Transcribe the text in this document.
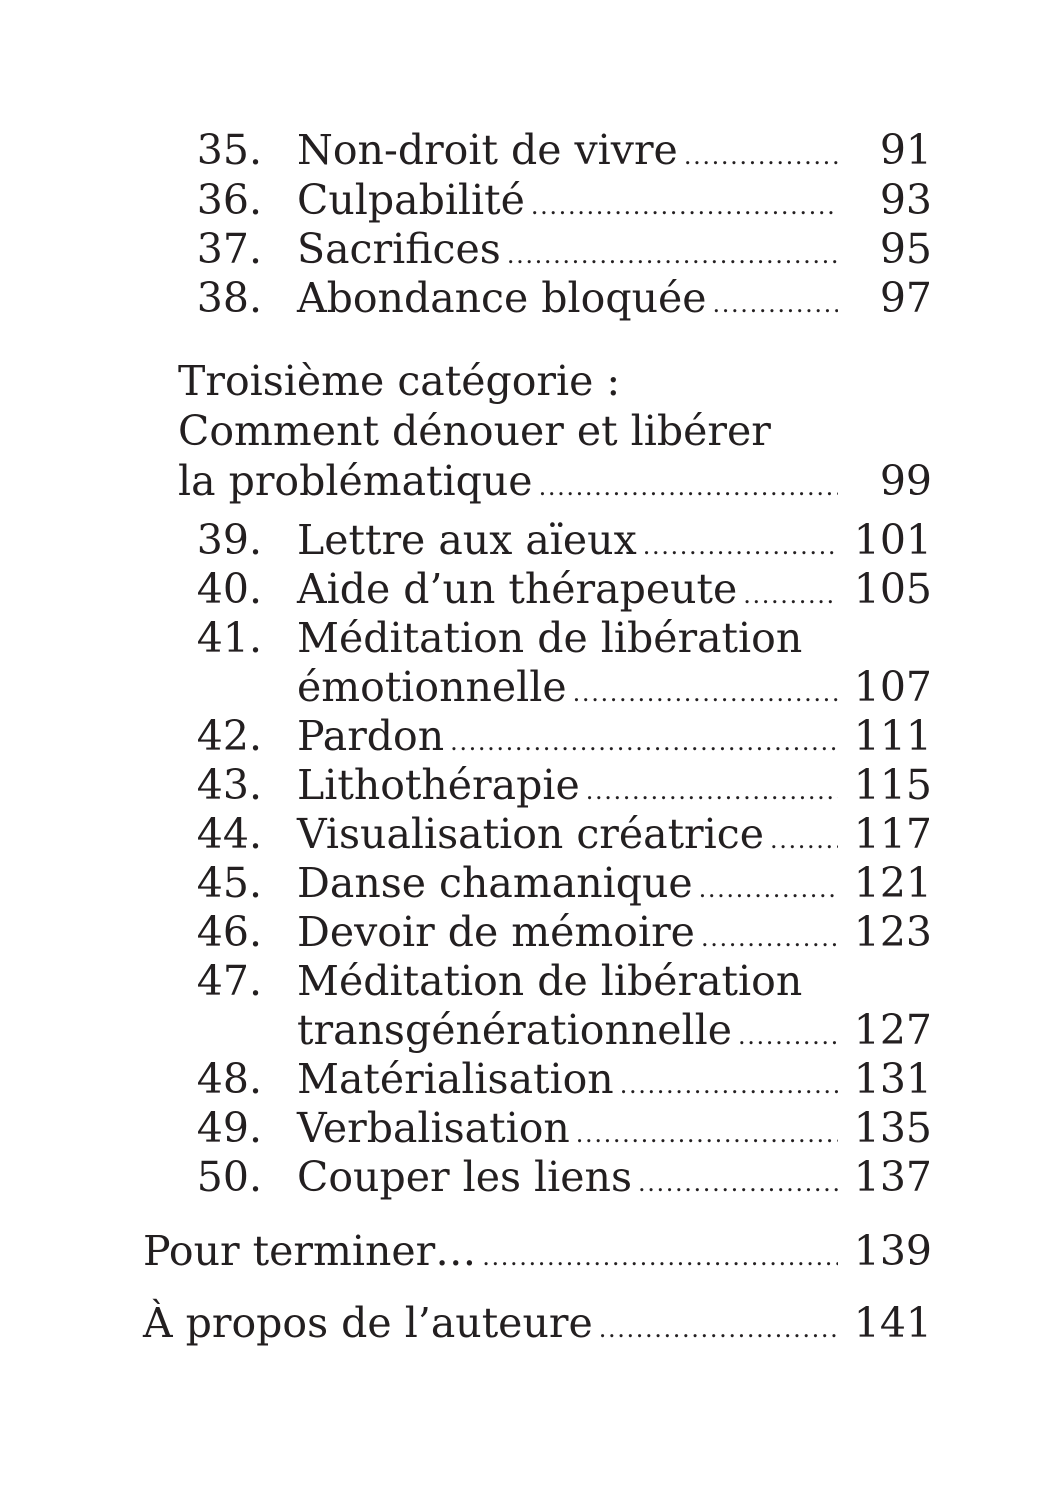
35. Non-droit de vivre . . .	91
36. Culpabilité . . .	93
37. Sacrifices . . .	95
38. Abondance bloquée . . .	97
Troisième catégorie :
Comment dénouer et libérer
la problématique . . .	99
39. Lettre aux aïeux . . .	101
40. Aide d’un thérapeute . . .	105
41. Méditation de libération
émotionnelle . . .	107
42. Pardon . . .	111
43. Lithothérapie . . .	115
44. Visualisation créatrice . . . 117
45. Danse chamanique . . .	121
46. Devoir de mémoire . . .	123
47. Méditation de libération
transgénérationnelle . . .	127
48. Matérialisation . . .	131
49. Verbalisation . . .	135
50. Couper les liens . . .	137
Pour terminer… . . .	139
À propos de l’auteure . . .	141
